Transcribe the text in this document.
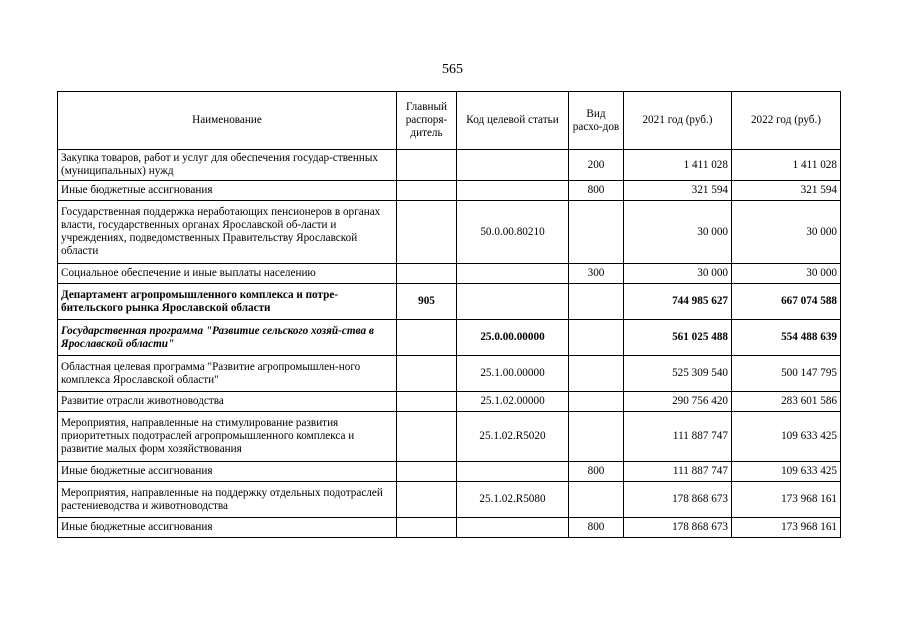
565
Наименование	Главный распоря-дитель	Код целевой статьи	Вид расхо-дов	2021 год (руб.)	2022 год (руб.)
Закупка товаров, работ и услуг для обеспечения государ-ственных (муниципальных) нужд			200	1 411 028	1 411 028
Иные бюджетные ассигнования			800	321 594	321 594
Государственная поддержка неработающих пенсионеров в органах власти, государственных органах Ярославской об-ласти и учреждениях, подведомственных Правительству Ярославской области		50.0.00.80210		30 000	30 000
Социальное обеспечение и иные выплаты населению			300	30 000	30 000
Департамент агропромышленного комплекса и потре-бительского рынка Ярославской области	905			744 985 627	667 074 588
Государственная программа "Развитие сельского хозяй-ства в Ярославской области"		25.0.00.00000		561 025 488	554 488 639
Областная целевая программа "Развитие агропромышлен-ного комплекса Ярославской области"		25.1.00.00000		525 309 540	500 147 795
Развитие отрасли животноводства		25.1.02.00000		290 756 420	283 601 586
Мероприятия, направленные на стимулирование развития приоритетных подотраслей агропромышленного комплекса и развитие малых форм хозяйствования		25.1.02.R5020		111 887 747	109 633 425
Иные бюджетные ассигнования			800	111 887 747	109 633 425
Мероприятия, направленные на поддержку отдельных подотраслей растениеводства и животноводства		25.1.02.R5080		178 868 673	173 968 161
Иные бюджетные ассигнования			800	178 868 673	173 968 161
